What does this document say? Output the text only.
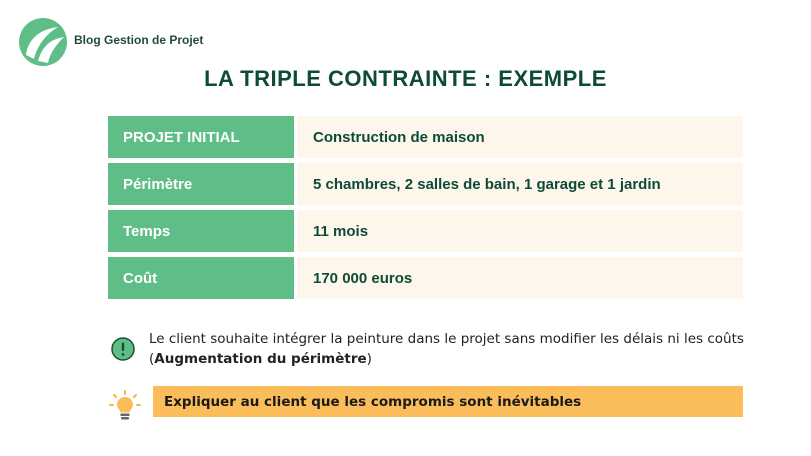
Blog Gestion de Projet
LA TRIPLE CONTRAINTE : EXEMPLE
PROJET INITIAL	Construction de maison
Périmètre	5 chambres, 2 salles de bain, 1 garage et 1 jardin
Temps	11 mois
Coût	170 000 euros
Le client souhaite intégrer la peinture dans le projet sans modifier les délais ni les coûts (Augmentation du périmètre)
Expliquer au client que les compromis sont inévitables
